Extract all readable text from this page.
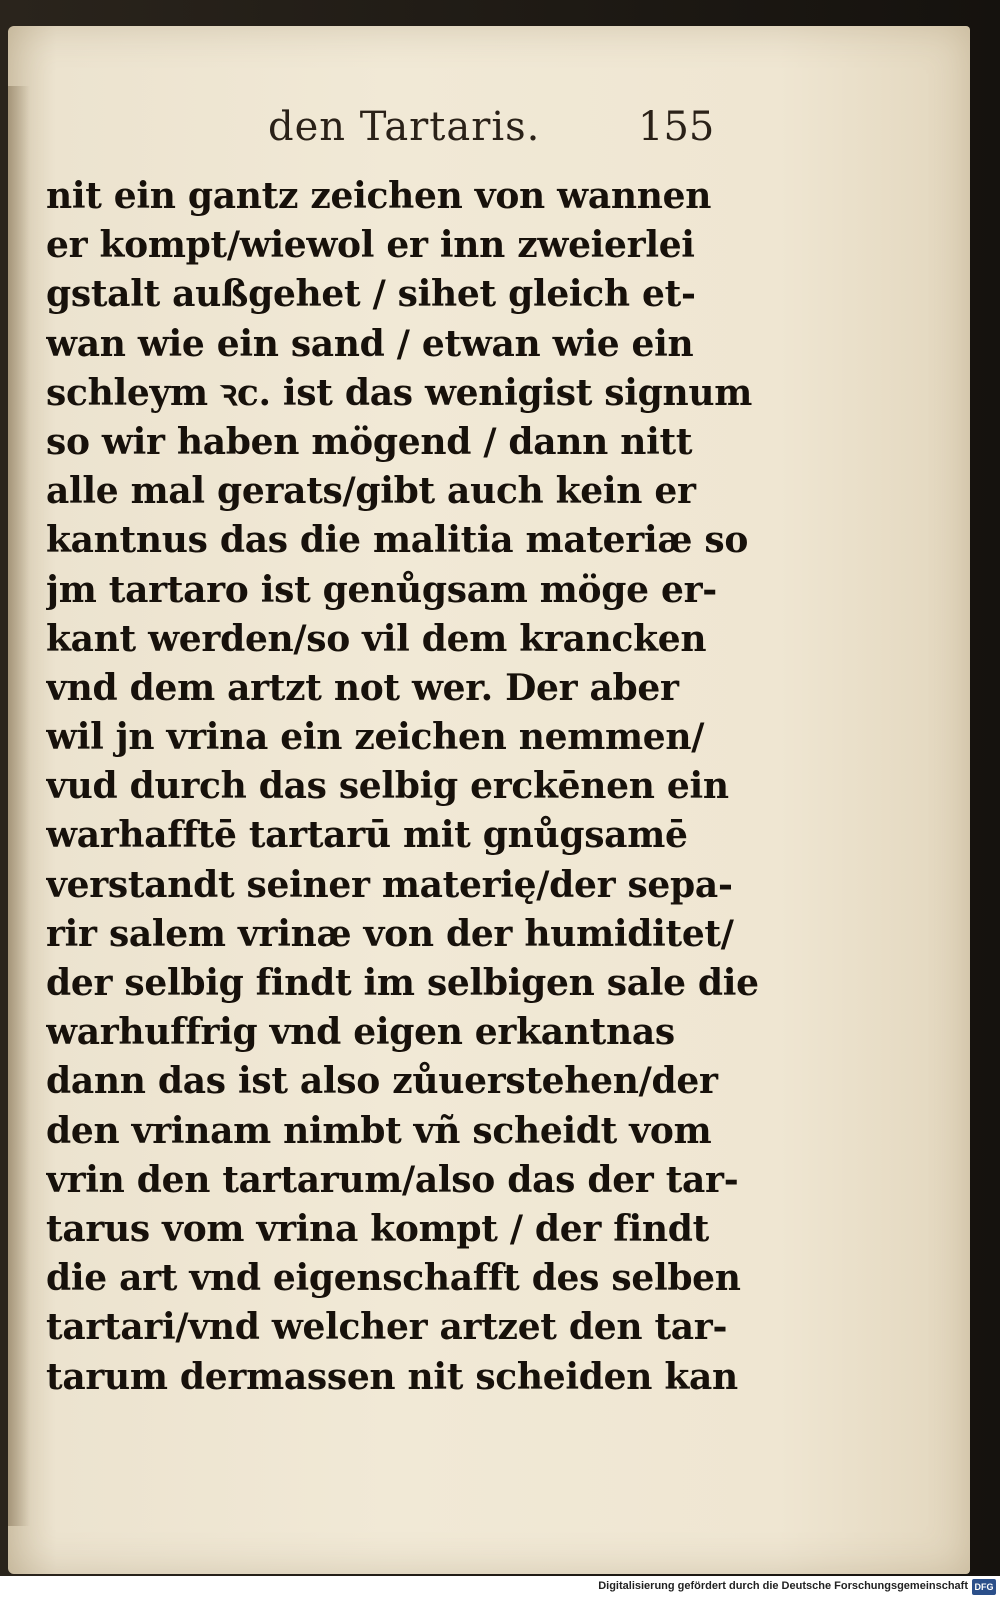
den Tartaris. 155
nit ein gantz zeichen von wannen
er kompt/wiewol er inn zweierlei
gstalt außgehet / sihet gleich et-
wan wie ein sand / etwan wie ein
schleym ꝛc. ist das wenigist signum
so wir haben mögend / dann nitt
alle mal gerats/gibt auch kein er
kantnus das die malitia materiæ so
jm tartaro ist genůgsam möge er-
kant werden/so vil dem krancken
vnd dem artzt not wer. Der aber
wil jn vrina ein zeichen nemmen/
vud durch das selbig erckēnen ein
warhafftē tartarū mit gnůgsamē
verstandt seiner materię/der sepa-
rir salem vrinæ von der humiditet/
der selbig findt im selbigen sale die
warhuffrig vnd eigen erkantnas
dann das ist also zůuerstehen/der
den vrinam nimbt vñ scheidt vom
vrin den tartarum/also das der tar-
tarus vom vrina kompt / der findt
die art vnd eigenschafft des selben
tartari/vnd welcher artzet den tar-
tarum dermassen nit scheiden kan
Digitalisierung gefördert durch die Deutsche Forschungsgemeinschaft DFG
